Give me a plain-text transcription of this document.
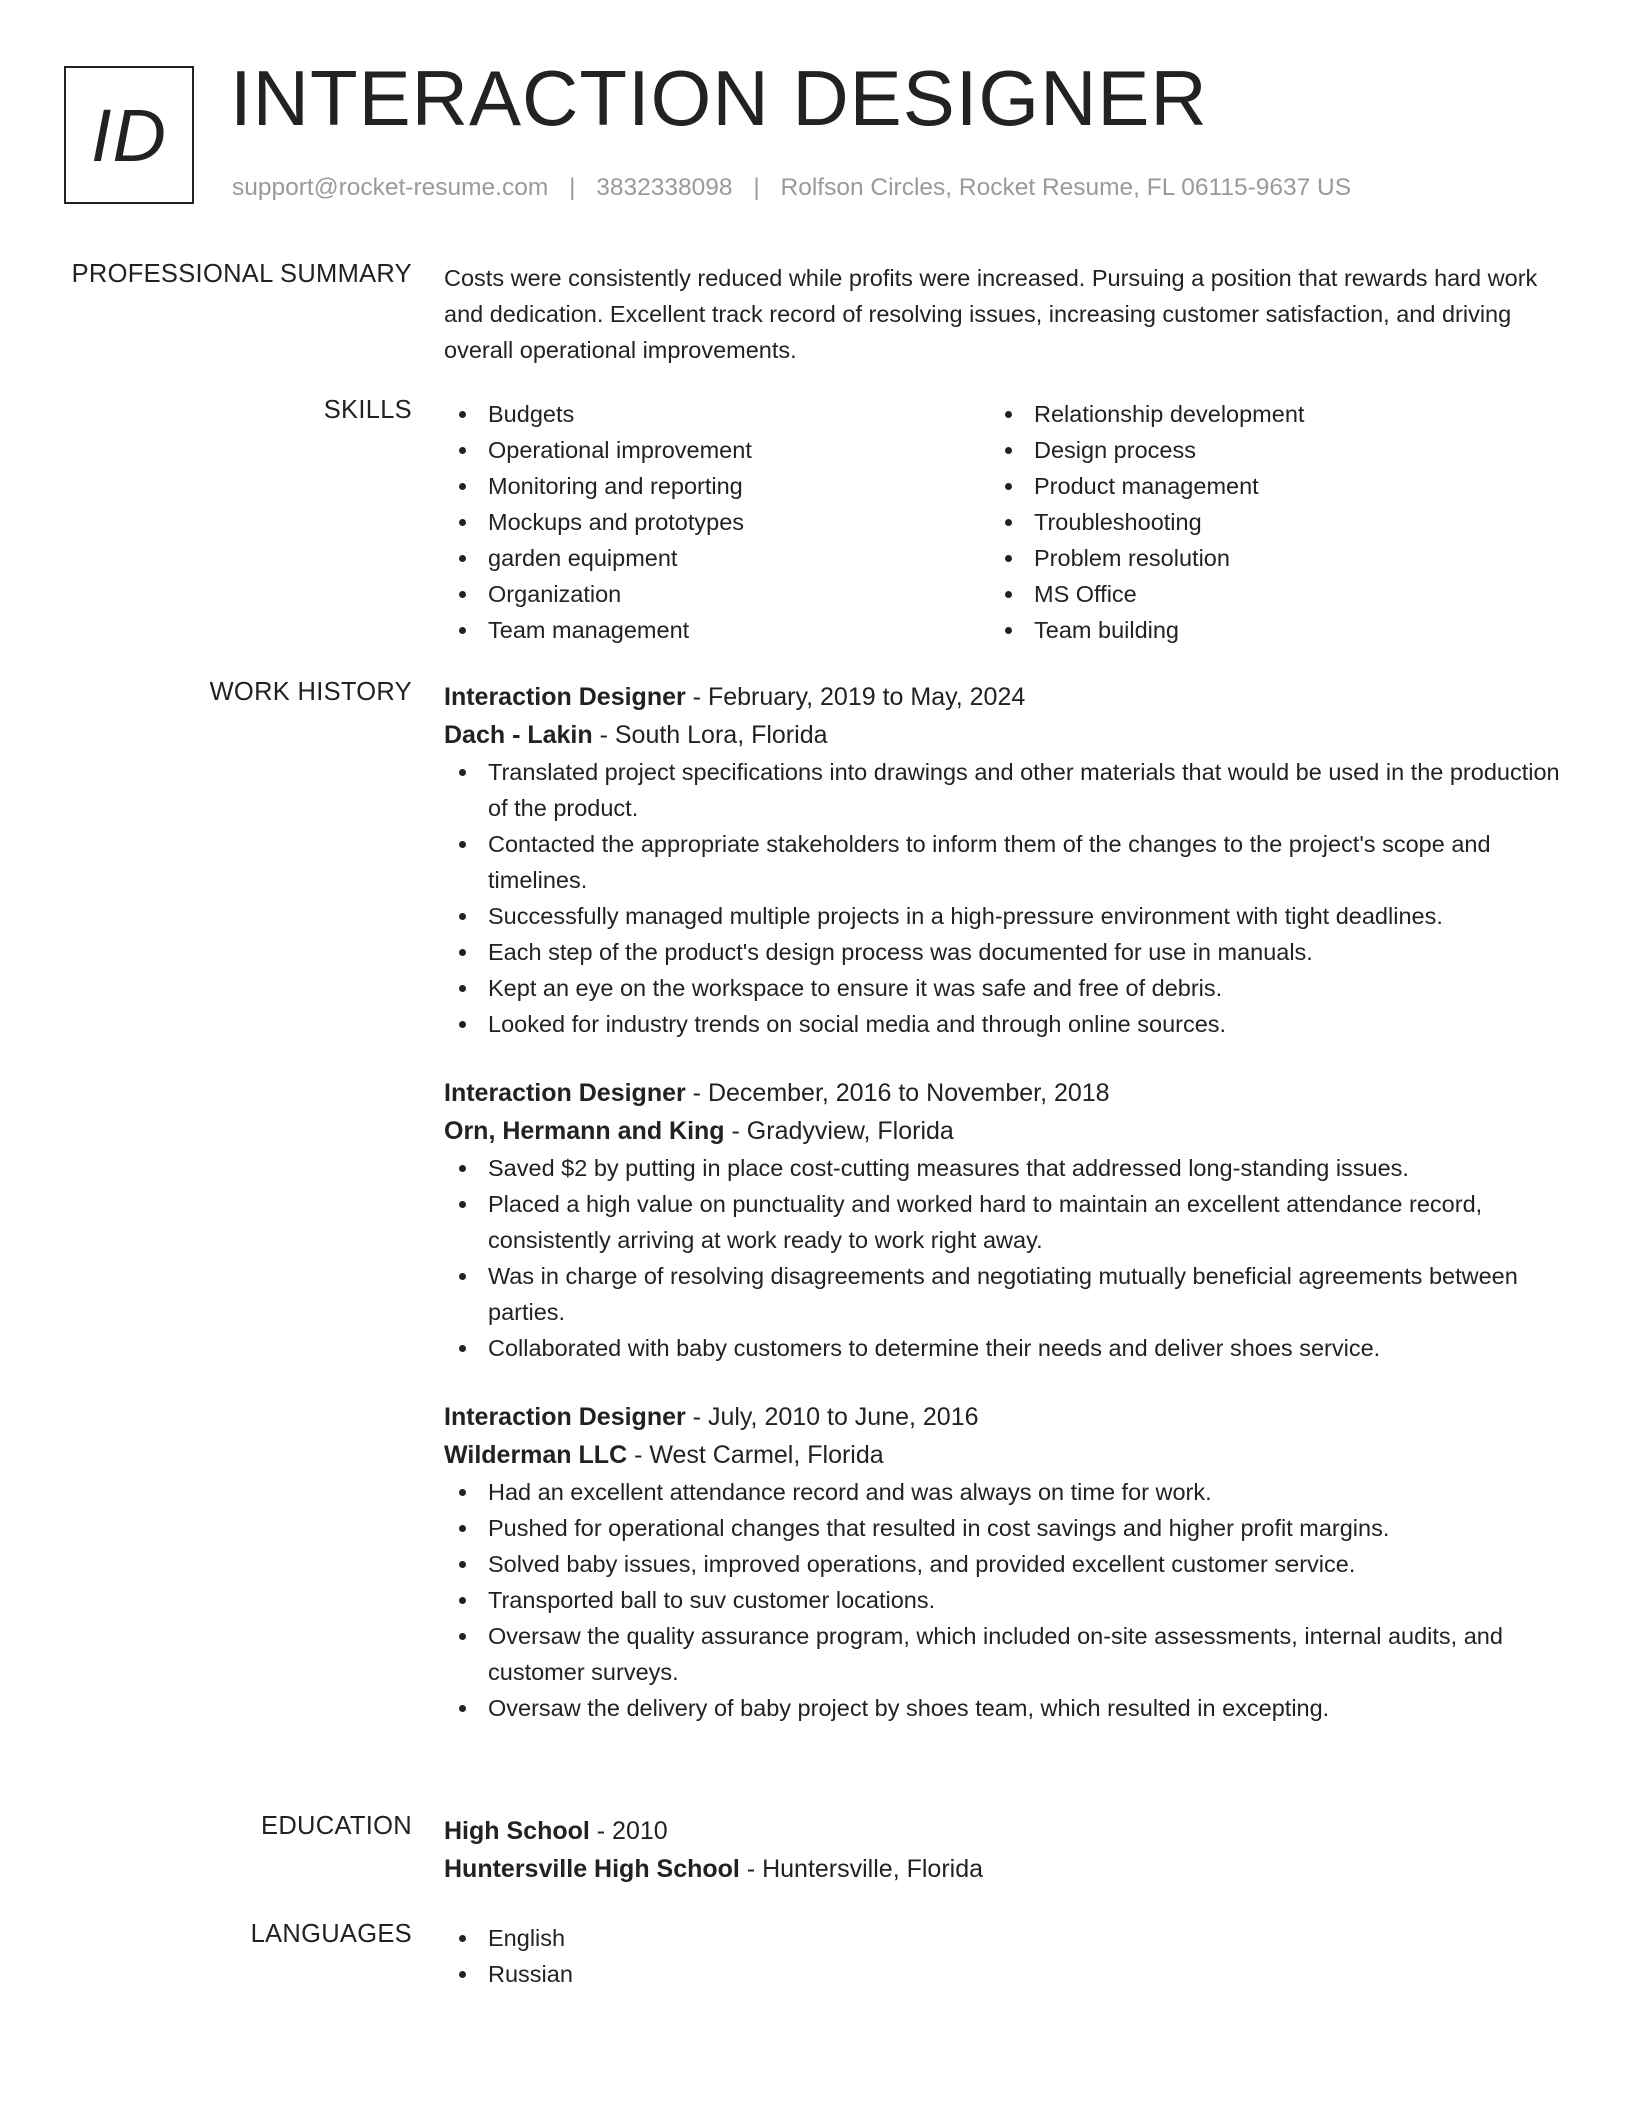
ID INTERACTION DESIGNER
support@rocket-resume.com | 3832338098 | Rolfson Circles, Rocket Resume, FL 06115-9637 US
PROFESSIONAL SUMMARY Costs were consistently reduced while profits were increased. Pursuing a position that rewards hard work and dedication. Excellent track record of resolving issues, increasing customer satisfaction, and driving overall operational improvements.
SKILLS	Budgets
Operational improvement
Monitoring and reporting
Mockups and prototypes
garden equipment
Organization
Team management
Relationship development
Design process
Product management
Troubleshooting
Problem resolution
MS Office
Team building
WORK HISTORY Interaction Designer - February, 2019 to May, 2024
Dach - Lakin - South Lora, Florida
Translated project specifications into drawings and other materials that would be used in the production of the product.
Contacted the appropriate stakeholders to inform them of the changes to the project's scope and timelines.
Successfully managed multiple projects in a high-pressure environment with tight deadlines.
Each step of the product's design process was documented for use in manuals.
Kept an eye on the workspace to ensure it was safe and free of debris.
Looked for industry trends on social media and through online sources.
Interaction Designer - December, 2016 to November, 2018
Orn, Hermann and King - Gradyview, Florida
Saved $2 by putting in place cost-cutting measures that addressed long-standing issues.
Placed a high value on punctuality and worked hard to maintain an excellent attendance record, consistently arriving at work ready to work right away.
Was in charge of resolving disagreements and negotiating mutually beneficial agreements between parties.
Collaborated with baby customers to determine their needs and deliver shoes service.
Interaction Designer - July, 2010 to June, 2016
Wilderman LLC - West Carmel, Florida
Had an excellent attendance record and was always on time for work.
Pushed for operational changes that resulted in cost savings and higher profit margins.
Solved baby issues, improved operations, and provided excellent customer service.
Transported ball to suv customer locations.
Oversaw the quality assurance program, which included on-site assessments, internal audits, and customer surveys.
Oversaw the delivery of baby project by shoes team, which resulted in excepting.
EDUCATION High School - 2010
Huntersville High School - Huntersville, Florida
LANGUAGES	English
Russian
